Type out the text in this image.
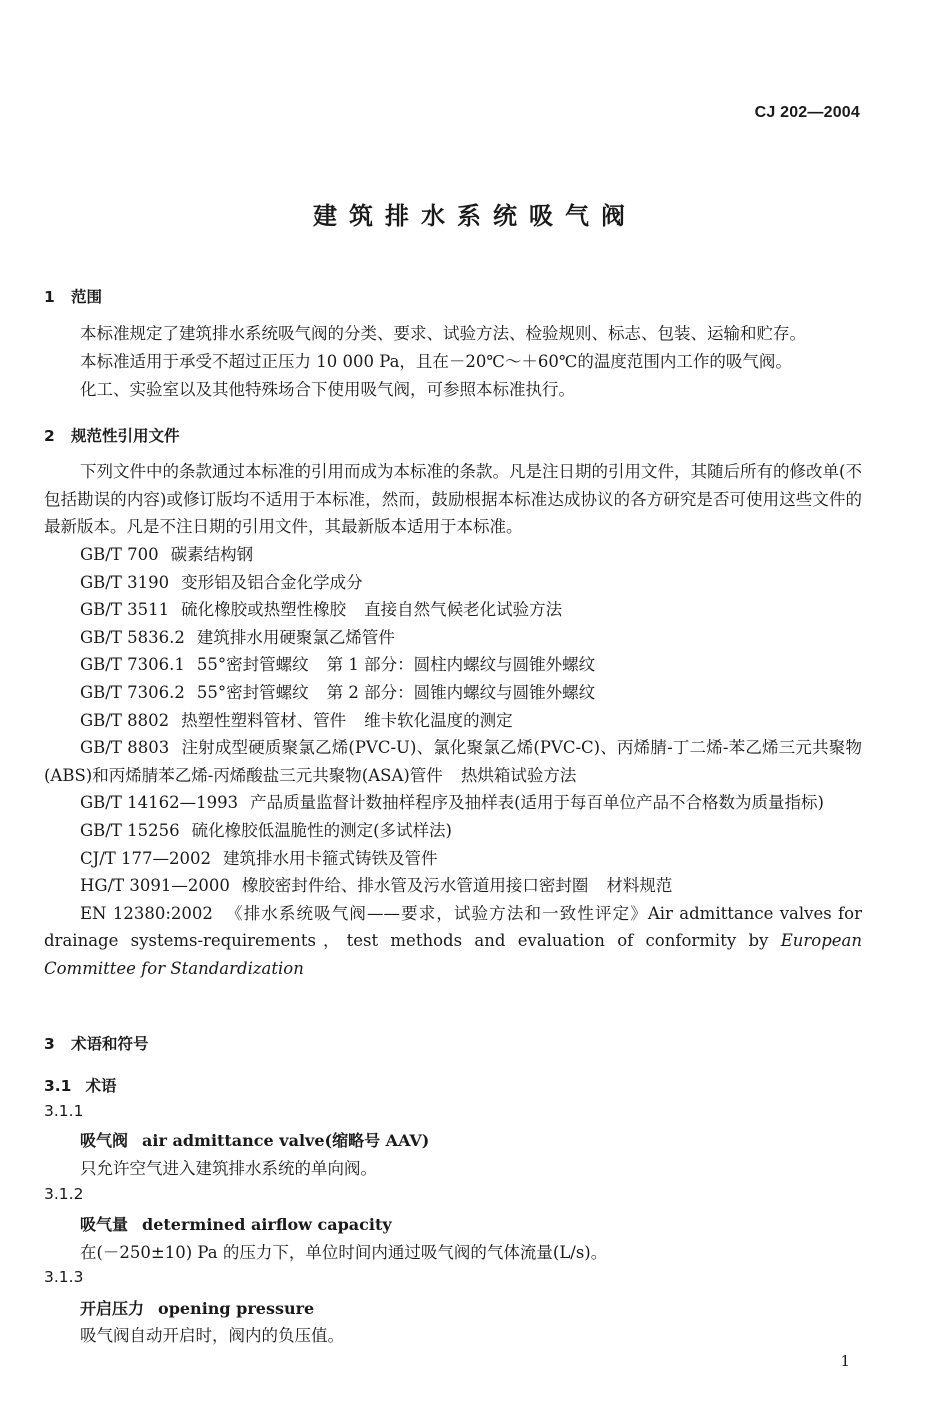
CJ 202—2004
建筑排水系统吸气阀
1 范围
本标准规定了建筑排水系统吸气阀的分类、要求、试验方法、检验规则、标志、包装、运输和贮存。
本标准适用于承受不超过正压力 10 000 Pa，且在－20℃～＋60℃的温度范围内工作的吸气阀。
化工、实验室以及其他特殊场合下使用吸气阀，可参照本标准执行。
2 规范性引用文件
下列文件中的条款通过本标准的引用而成为本标准的条款。凡是注日期的引用文件，其随后所有的修改单(不包括勘误的内容)或修订版均不适用于本标准，然而，鼓励根据本标准达成协议的各方研究是否可使用这些文件的最新版本。凡是不注日期的引用文件，其最新版本适用于本标准。
GB/T 700 碳素结构钢
GB/T 3190 变形铝及铝合金化学成分
GB/T 3511 硫化橡胶或热塑性橡胶 直接自然气候老化试验方法
GB/T 5836.2 建筑排水用硬聚氯乙烯管件
GB/T 7306.1 55°密封管螺纹 第 1 部分：圆柱内螺纹与圆锥外螺纹
GB/T 7306.2 55°密封管螺纹 第 2 部分：圆锥内螺纹与圆锥外螺纹
GB/T 8802 热塑性塑料管材、管件 维卡软化温度的测定
GB/T 8803 注射成型硬质聚氯乙烯(PVC-U)、氯化聚氯乙烯(PVC-C)、丙烯腈-丁二烯-苯乙烯三元共聚物(ABS)和丙烯腈苯乙烯-丙烯酸盐三元共聚物(ASA)管件 热烘箱试验方法
GB/T 14162—1993 产品质量监督计数抽样程序及抽样表(适用于每百单位产品不合格数为质量指标)
GB/T 15256 硫化橡胶低温脆性的测定(多试样法)
CJ/T 177—2002 建筑排水用卡箍式铸铁及管件
HG/T 3091—2000 橡胶密封件给、排水管及污水管道用接口密封圈 材料规范
EN 12380:2002 《排水系统吸气阀——要求，试验方法和一致性评定》Air admittance valves for drainage systems-requirements，test methods and evaluation of conformity by European Committee for Standardization
3 术语和符号
3.1 术语
3.1.1
吸气阀 air admittance valve(缩略号 AAV)
只允许空气进入建筑排水系统的单向阀。
3.1.2
吸气量 determined airflow capacity
在(－250±10) Pa 的压力下，单位时间内通过吸气阀的气体流量(L/s)。
3.1.3
开启压力 opening pressure
吸气阀自动开启时，阀内的负压值。
1
